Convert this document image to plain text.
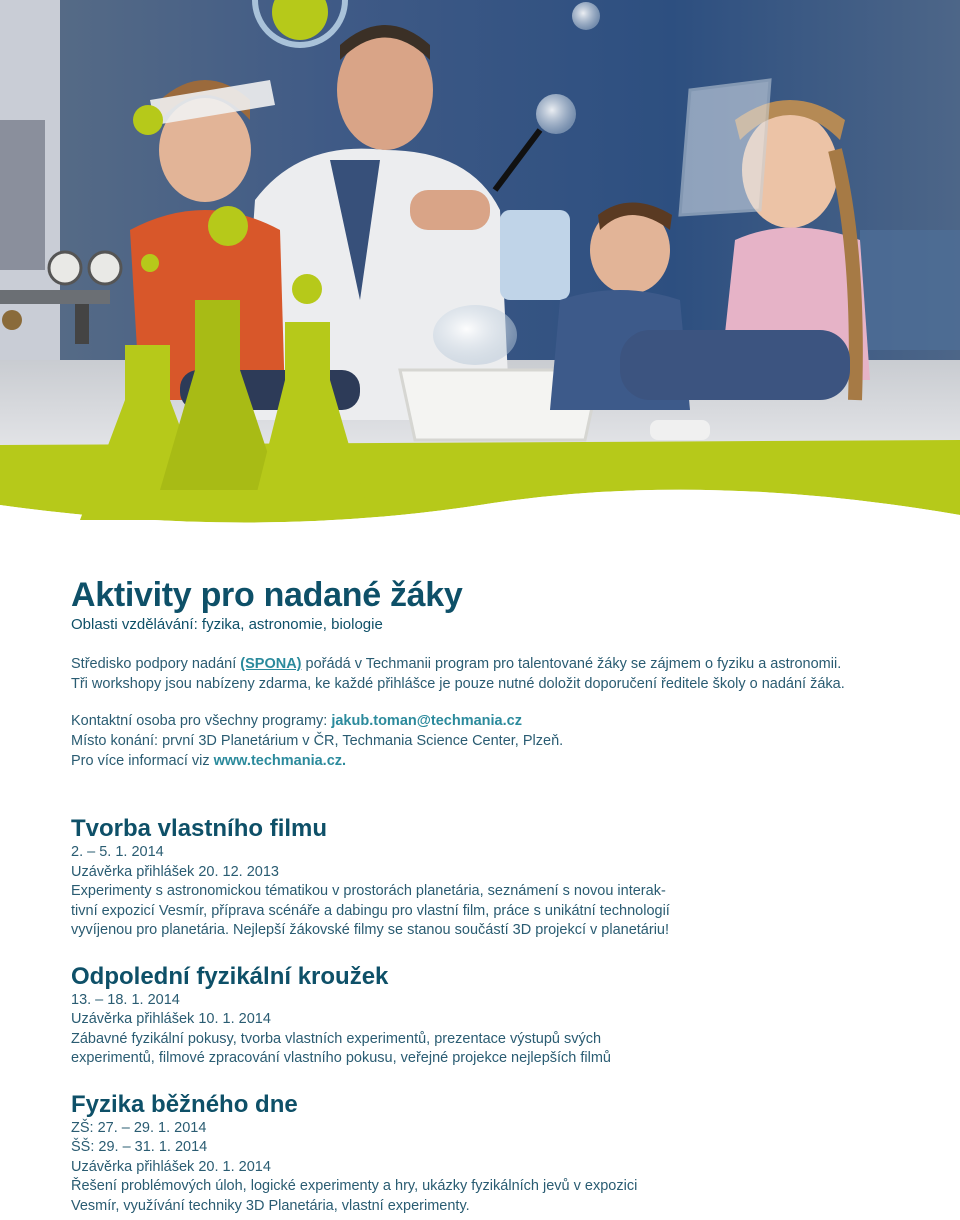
Aktivity pro nadané žáky
Oblasti vzdělávání: fyzika, astronomie, biologie
Středisko podpory nadání (SPONA) pořádá v Techmanii program pro talentované žáky se zájmem o fyziku a astronomii.
Tři workshopy jsou nabízeny zdarma, ke každé přihlášce je pouze nutné doložit doporučení ředitele školy o nadání žáka.
Kontaktní osoba pro všechny programy: jakub.toman@techmania.cz
Místo konání: první 3D Planetárium v ČR, Techmania Science Center, Plzeň.
Pro více informací viz www.techmania.cz.
Tvorba vlastního filmu
2. – 5. 1. 2014
Uzávěrka přihlášek 20. 12. 2013
Experimenty s astronomickou tématikou v prostorách planetária, seznámení s novou interak-
tivní expozicí Vesmír, příprava scénáře a dabingu pro vlastní film, práce s unikátní technologií
vyvíjenou pro planetária. Nejlepší žákovské filmy se stanou součástí 3D projekcí v planetáriu!
Odpolední fyzikální kroužek
13. – 18. 1. 2014
Uzávěrka přihlášek 10. 1. 2014
Zábavné fyzikální pokusy, tvorba vlastních experimentů, prezentace výstupů svých
experimentů, filmové zpracování vlastního pokusu, veřejné projekce nejlepších filmů
Fyzika běžného dne
ZŠ: 27. – 29. 1. 2014
ŠŠ: 29. – 31. 1. 2014
Uzávěrka přihlášek 20. 1. 2014
Řešení problémových úloh, logické experimenty a hry, ukázky fyzikálních jevů v expozici
Vesmír, využívání techniky 3D Planetária, vlastní experimenty.
